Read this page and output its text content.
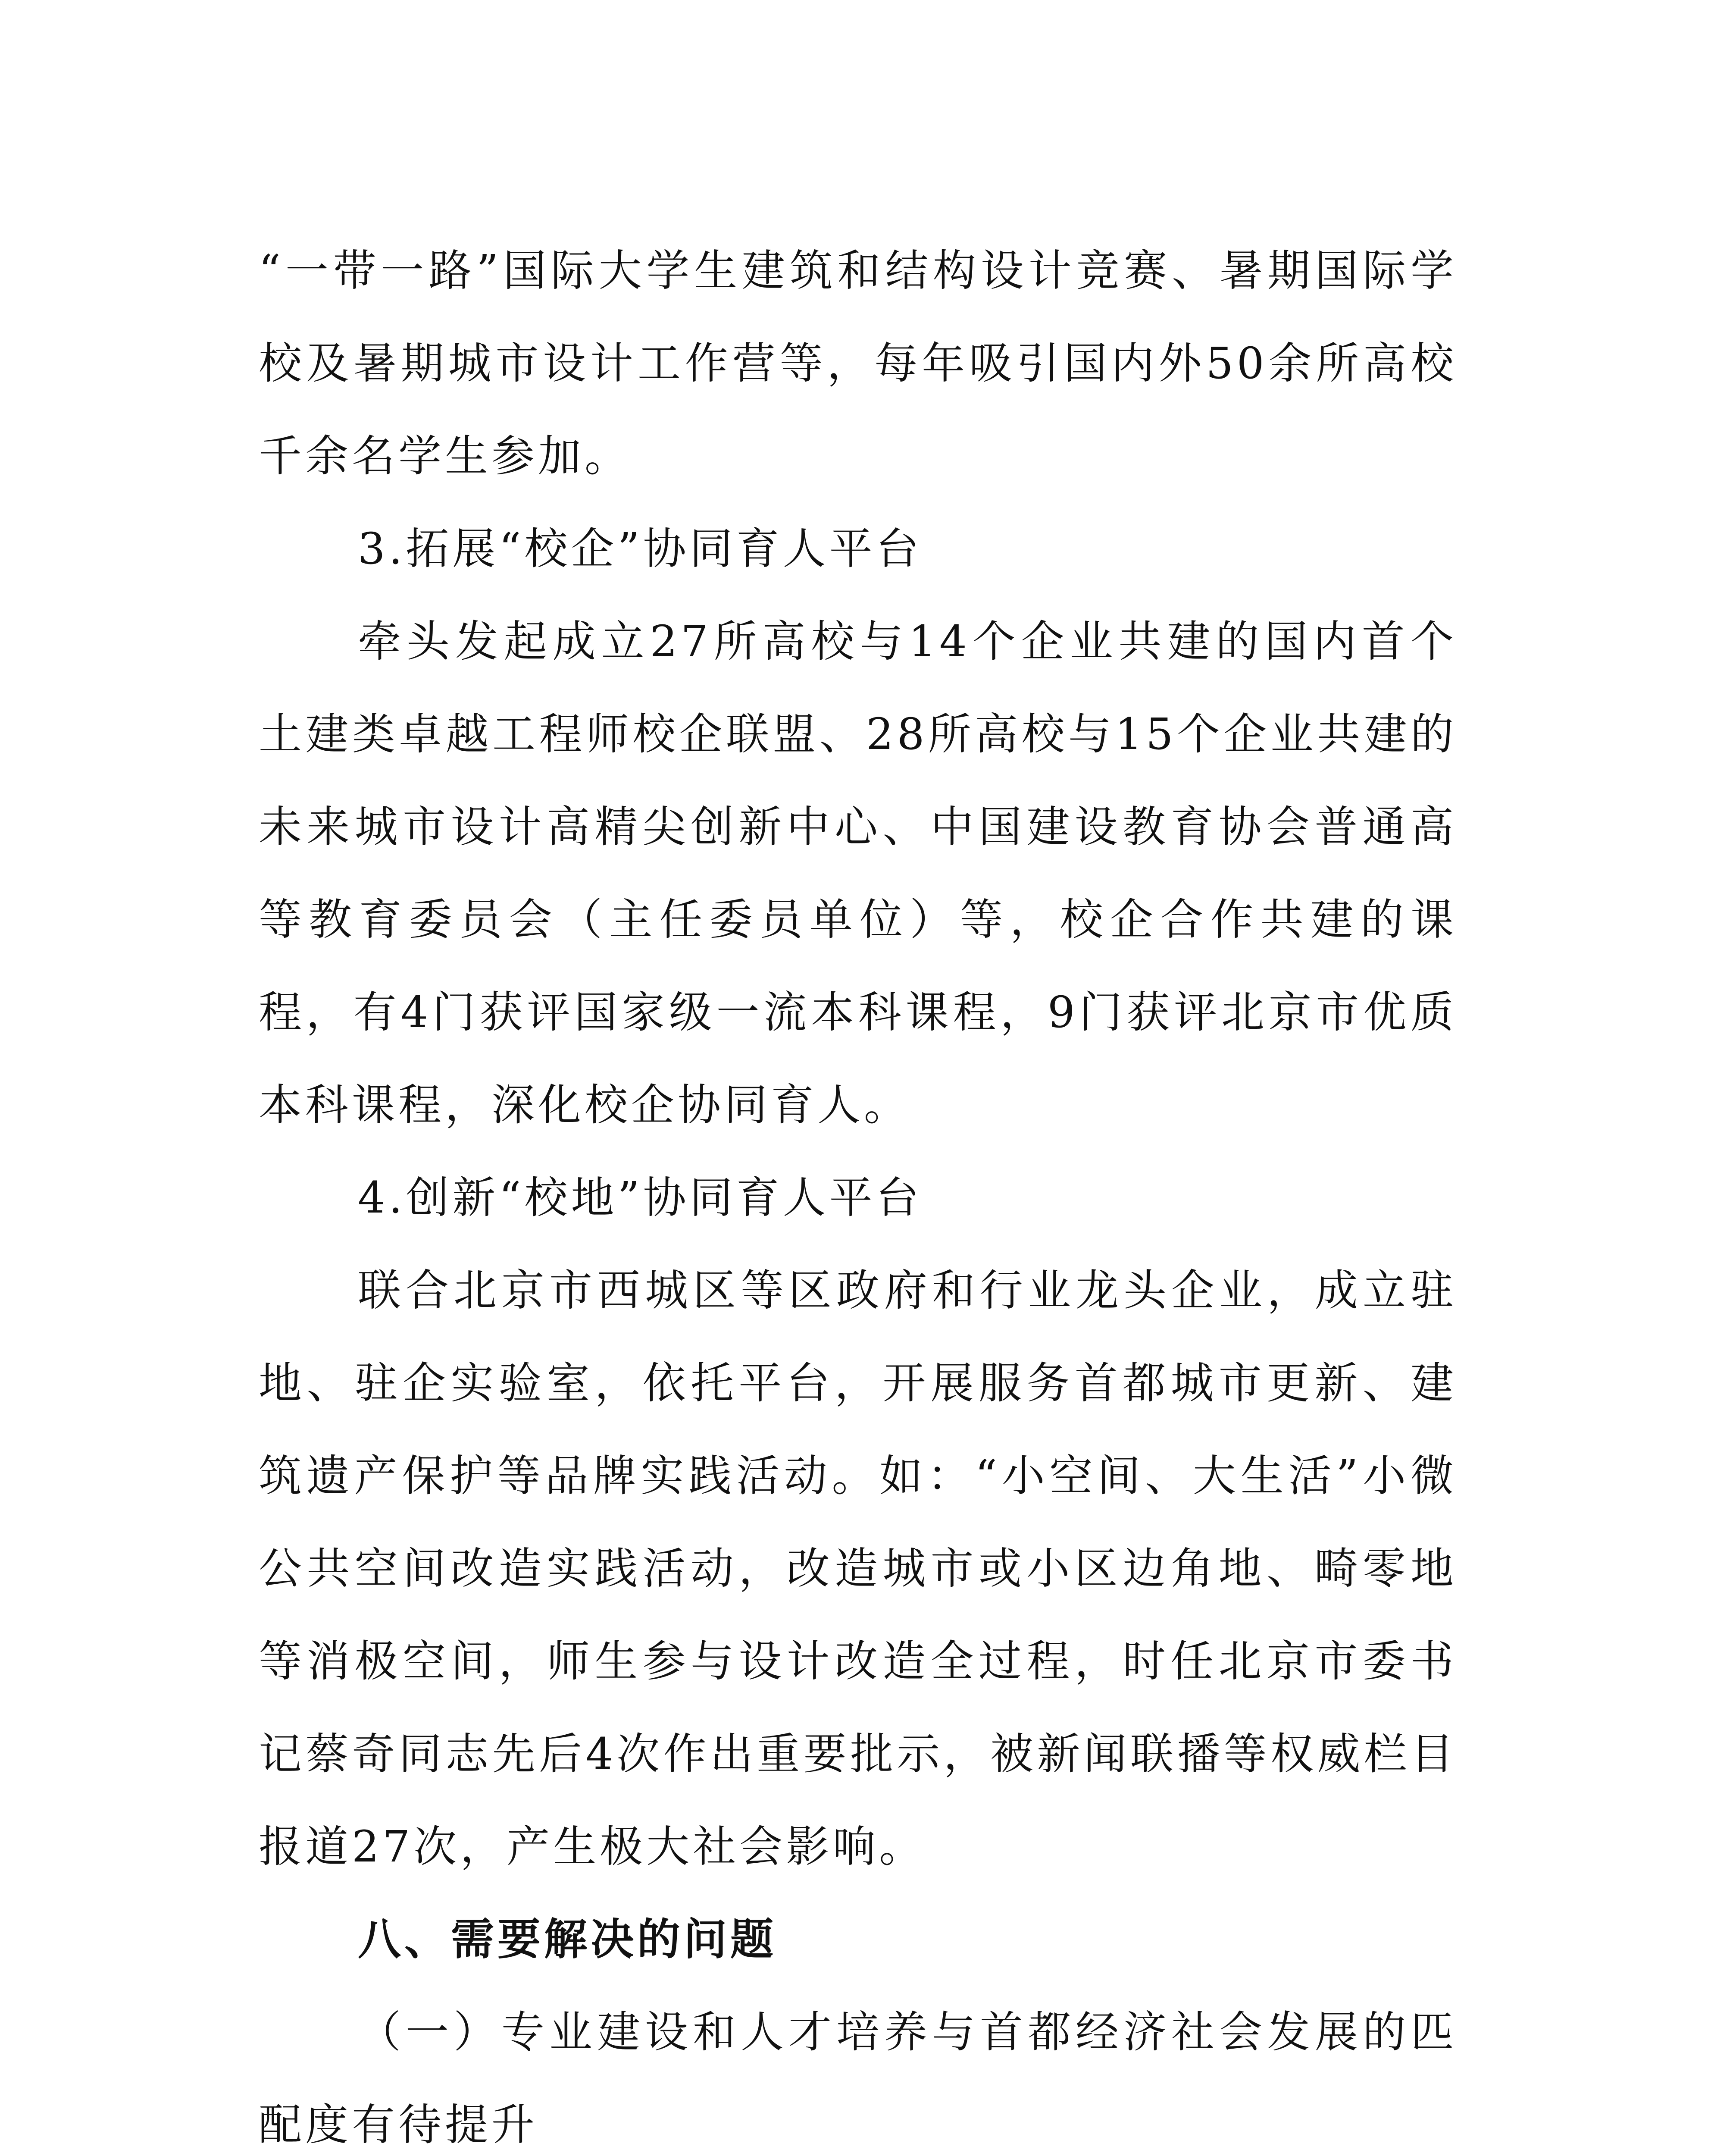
“一带一路”国际大学生建筑和结构设计竞赛、暑期国际学校及暑期城市设计工作营等，每年吸引国内外50余所高校千余名学生参加。

3.拓展“校企”协同育人平台

牵头发起成立27所高校与14个企业共建的国内首个土建类卓越工程师校企联盟、28所高校与15个企业共建的未来城市设计高精尖创新中心、中国建设教育协会普通高等教育委员会（主任委员单位）等，校企合作共建的课程，有4门获评国家级一流本科课程，9门获评北京市优质本科课程，深化校企协同育人。

4.创新“校地”协同育人平台

联合北京市西城区等区政府和行业龙头企业，成立驻地、驻企实验室，依托平台，开展服务首都城市更新、建筑遗产保护等品牌实践活动。如：“小空间、大生活”小微公共空间改造实践活动，改造城市或小区边角地、畸零地等消极空间，师生参与设计改造全过程，时任北京市委书记蔡奇同志先后4次作出重要批示，被新闻联播等权威栏目报道27次，产生极大社会影响。

八、需要解决的问题

（一）专业建设和人才培养与首都经济社会发展的匹配度有待提升
